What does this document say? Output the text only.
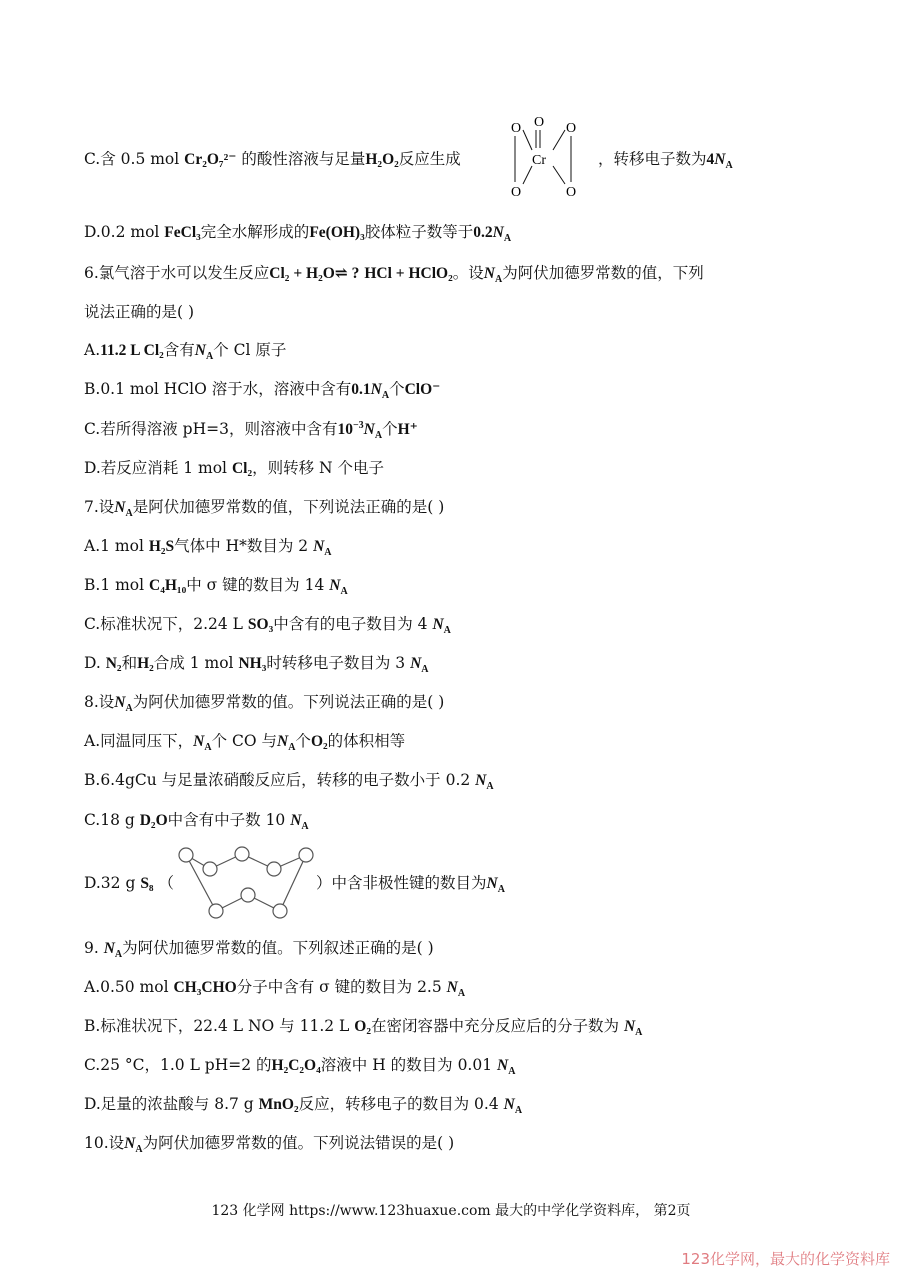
C.含 0.5 mol Cr₂O₇²⁻ 的酸性溶液与足量H₂O₂反应生成
O O O
Cr
O	O
，转移电子数为$4N_A$
D.0.2 mol FeCl₃完全水解形成的Fe(OH)₃胶体粒子数等于$0.2N_A$
6.氯气溶于水可以发生反应Cl₂ + H₂O⇌ ? HCl + HClO₂。设$N_A$为阿伏加德罗常数的值，下列
说法正确的是( )
A.11.2 L Cl₂含有$N_A$个 Cl 原子
B.0.1 mol HClO 溶于水，溶液中含有$0.1N_A$个ClO⁻
C.若所得溶液 pH=3，则溶液中含有$10^{-3}N_A$个H⁺
D.若反应消耗 1 mol Cl₂，则转移 N 个电子
7.设$N_A$是阿伏加德罗常数的值，下列说法正确的是( )
A.1 mol H₂S气体中 H*数目为 2 $N_A$
B.1 mol C₄H₁₀中 σ 键的数目为 14 $N_A$
C.标准状况下，2.24 L SO₃中含有的电子数目为 4 $N_A$
D. N₂和H₂合成 1 mol NH₃时转移电子数目为 3 $N_A$
8.设$N_A$为阿伏加德罗常数的值。下列说法正确的是( )
A.同温同压下，$N_A$个 CO 与$N_A$个O₂的体积相等
B.6.4gCu 与足量浓硝酸反应后，转移的电子数小于 0.2 $N_A$
C.18 g D₂O中含有中子数 10 $N_A$
D.32 g S₈ （	）中含非极性键的数目为$N_A$
9. $N_A$为阿伏加德罗常数的值。下列叙述正确的是( )
A.0.50 mol CH₃CHO分子中含有 σ 键的数目为 2.5 $N_A$
B.标准状况下，22.4 L NO 与 11.2 L O₂在密闭容器中充分反应后的分子数为 $N_A$
C.25 °C，1.0 L pH=2 的H₂C₂O₄溶液中 H 的数目为 0.01 $N_A$
D.足量的浓盐酸与 8.7 g MnO₂反应，转移电子的数目为 0.4 $N_A$
10.设$N_A$为阿伏加德罗常数的值。下列说法错误的是( )
123 化学网 https://www.123huaxue.com 最大的中学化学资料库， 第2页
123化学网，最大的化学资料库
